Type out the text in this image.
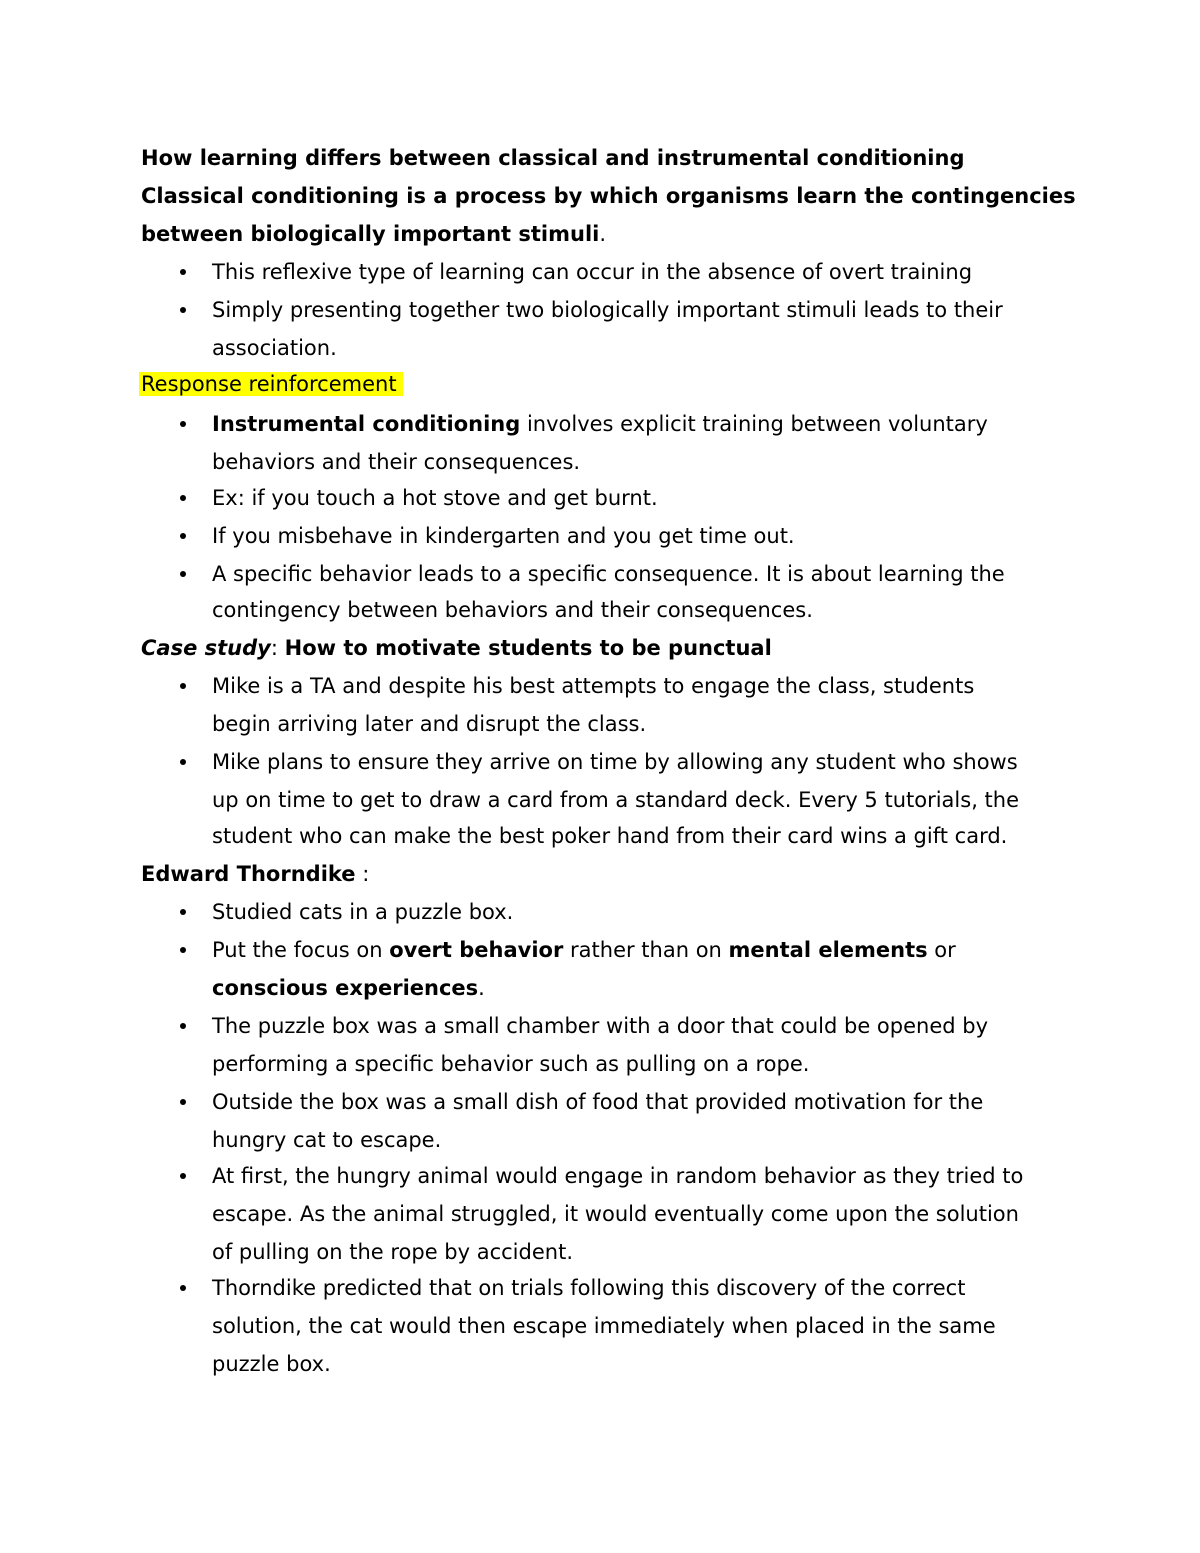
How learning differs between classical and instrumental conditioning

Classical conditioning is a process by which organisms learn the contingencies

between biologically important stimuli.

This reflexive type of learning can occur in the absence of overt training

Simply presenting together two biologically important stimuli leads to their

association.

Response reinforcement

Instrumental conditioning involves explicit training between voluntary

behaviors and their consequences.

Ex: if you touch a hot stove and get burnt.

If you misbehave in kindergarten and you get time out.

A specific behavior leads to a specific consequence. It is about learning the

contingency between behaviors and their consequences.

Case study: How to motivate students to be punctual

Mike is a TA and despite his best attempts to engage the class, students

begin arriving later and disrupt the class.

Mike plans to ensure they arrive on time by allowing any student who shows

up on time to get to draw a card from a standard deck. Every 5 tutorials, the

student who can make the best poker hand from their card wins a gift card.

Edward Thorndike :

Studied cats in a puzzle box.

Put the focus on overt behavior rather than on mental elements or

conscious experiences.

The puzzle box was a small chamber with a door that could be opened by

performing a specific behavior such as pulling on a rope.

Outside the box was a small dish of food that provided motivation for the

hungry cat to escape.

At first, the hungry animal would engage in random behavior as they tried to

escape. As the animal struggled, it would eventually come upon the solution

of pulling on the rope by accident.

Thorndike predicted that on trials following this discovery of the correct

solution, the cat would then escape immediately when placed in the same

puzzle box.
